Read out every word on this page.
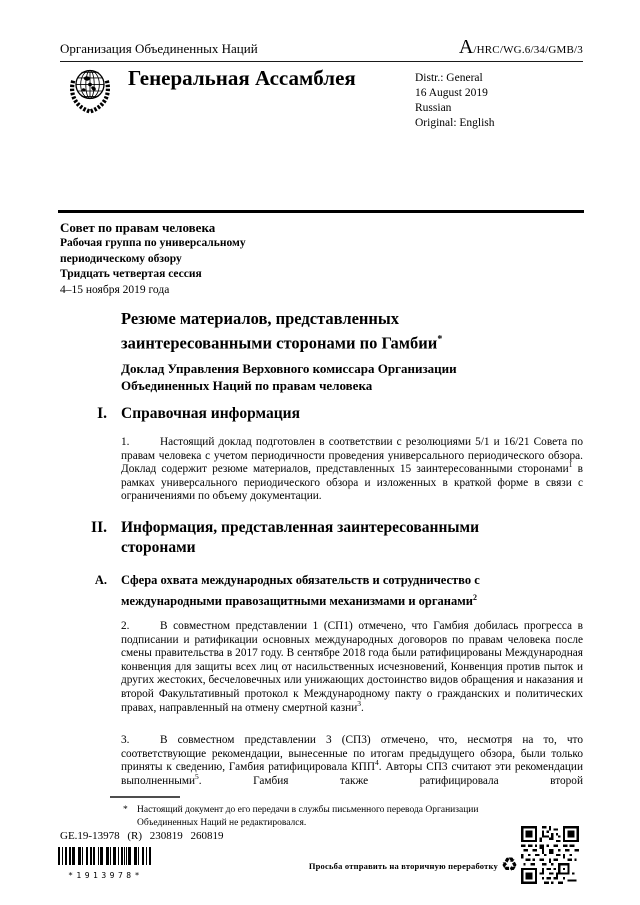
Организация Объединенных Наций	A/HRC/WG.6/34/GMB/3
Генеральная Ассамблея	Distr.: General
16 August 2019
Russian
Original: English
Совет по правам человека
Рабочая группа по универсальному
периодическому обзору
Тридцать четвертая сессия
4–15 ноября 2019 года
Резюме материалов, представленных заинтересованными сторонами по Гамбии*
Доклад Управления Верховного комиссара Организации Объединенных Наций по правам человека
I. Справочная информация
1.	Настоящий доклад подготовлен в соответствии с резолюциями 5/1 и 16/21 Совета по правам человека с учетом периодичности проведения универсального периодического обзора. Доклад содержит резюме материалов, представленных 15 заинтересованными сторонами$^1$ в рамках универсального периодического обзора и изложенных в краткой форме в связи с ограничениями по объему документации.
II. Информация, представленная заинтересованными сторонами
A.	Сфера охвата международных обязательств и сотрудничество с международными правозащитными механизмами и органами$^2$
2.	В совместном представлении 1 (СП1) отмечено, что Гамбия добилась прогресса в подписании и ратификации основных международных договоров по правам человека после смены правительства в 2017 году. В сентябре 2018 года были ратифицированы Международная конвенция для защиты всех лиц от насильственных исчезновений, Конвенция против пыток и других жестоких, бесчеловечных или унижающих достоинство видов обращения и наказания и второй Факультативный протокол к Международному пакту о гражданских и политических правах, направленный на отмену смертной казни$^3$.
3.	В совместном представлении 3 (СП3) отмечено, что, несмотря на то, что соответствующие рекомендации, вынесенные по итогам предыдущего обзора, были только приняты к сведению, Гамбия ратифицировала КПП$^4$. Авторы СП3 считают эти рекомендации выполненными$^5$. Гамбия также ратифицировала второй
* Настоящий документ до его передачи в службы письменного перевода Организации Объединенных Наций не редактировался.
GE.19-13978 (R) 230819 260819
*1913978*
Просьба отправить на вторичную переработку ♻
